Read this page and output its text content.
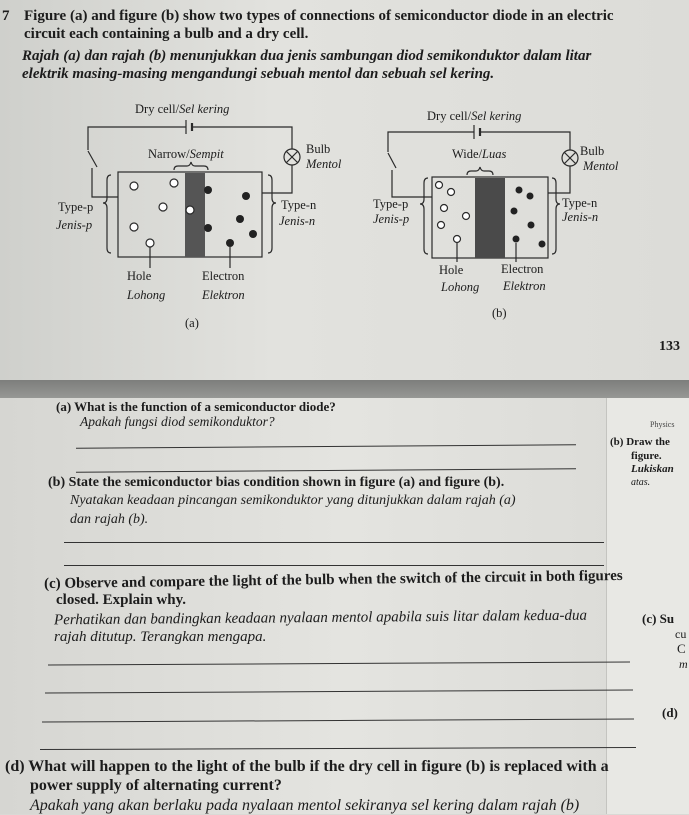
7 Figure (a) and figure (b) show two types of connections of semiconductor diode in an electric
circuit each containing a bulb and a dry cell.
Rajah (a) dan rajah (b) menunjukkan dua jenis sambungan diod semikonduktor dalam litar
elektrik masing-masing mengandungi sebuah mentol dan sebuah sel kering.
Dry cell/Sel kering
Narrow/Sempit	Bulb
Mentol
Type-p
Jenis-p
Type-n
Jenis-n
Hole
Lohong
Electron
Elektron
(a)
Dry cell/Sel kering
Wide/Luas	Bulb
Mentol
Type-p
Jenis-p
Type-n
Jenis-n
Hole
Lohong
Electron
Elektron
(b)
133
(a) What is the function of a semiconductor diode?
Apakah fungsi diod semikonduktor?
(b) State the semiconductor bias condition shown in figure (a) and figure (b).
Nyatakan keadaan pincangan semikonduktor yang ditunjukkan dalam rajah (a)
dan rajah (b).
(c) Observe and compare the light of the bulb when the switch of the circuit in both figures
closed. Explain why.
Perhatikan dan bandingkan keadaan nyalaan mentol apabila suis litar dalam kedua-dua
rajah ditutup. Terangkan mengapa.
(d) What will happen to the light of the bulb if the dry cell in figure (b) is replaced with a
power supply of alternating current?
Apakah yang akan berlaku pada nyalaan mentol sekiranya sel kering dalam rajah (b)
Physics
(b) Draw the
figure.
Lukiskan
atas.
(c) Su
cu
C
m
(d)
